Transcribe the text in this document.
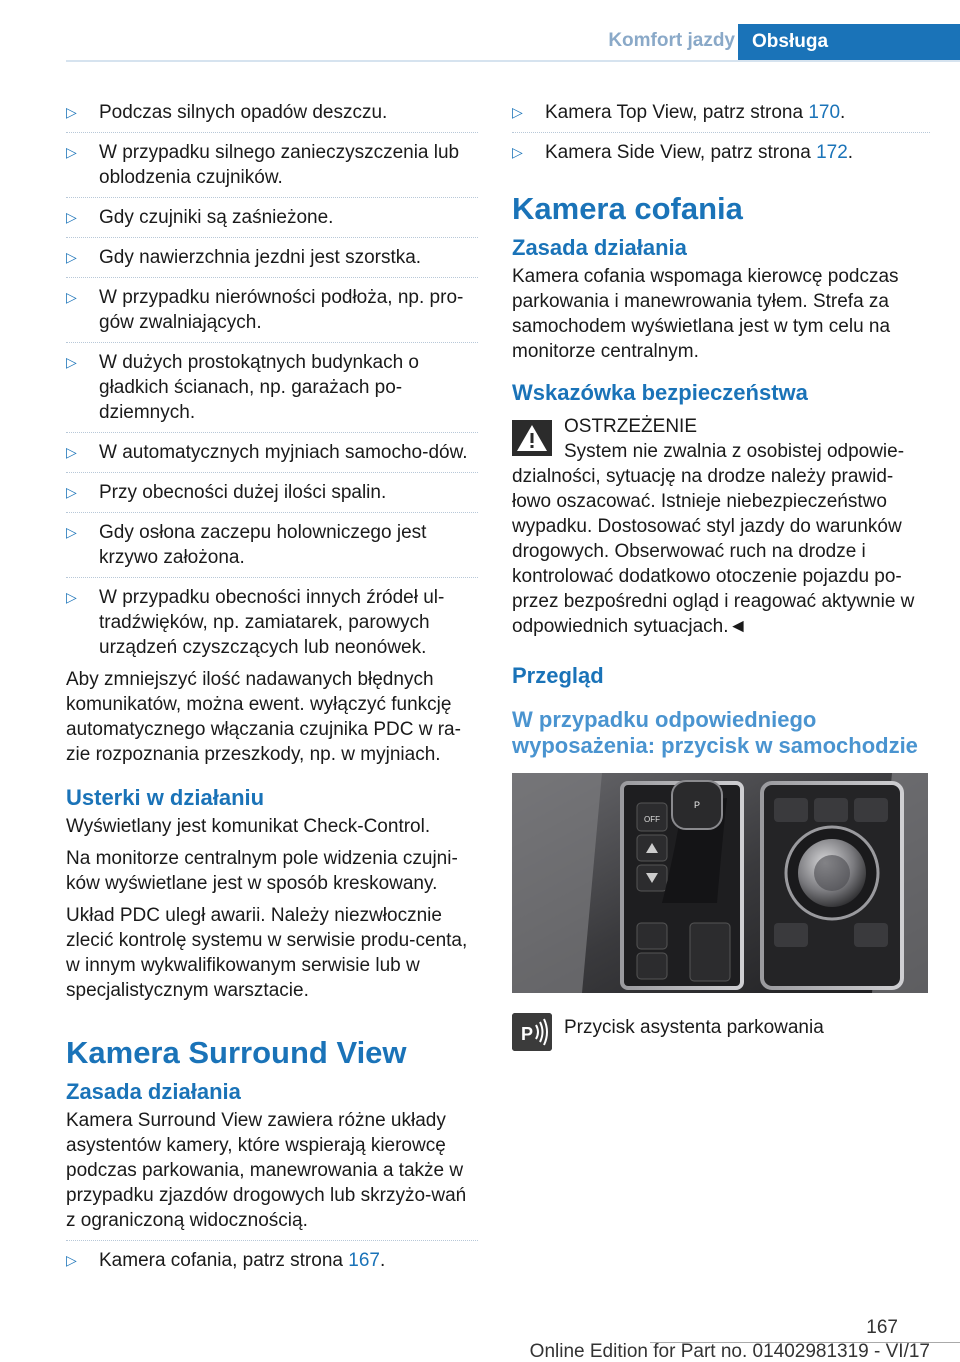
Komfort jazdy Obsługa
▷ Podczas silnych opadów deszczu.
▷ W przypadku silnego zanieczyszczenia lub oblodzenia czujników.
▷ Gdy czujniki są zaśnieżone.
▷ Gdy nawierzchnia jezdni jest szorstka.
▷ W przypadku nierówności podłoża, np. pro‐gów zwalniających.
▷ W dużych prostokątnych budynkach o gładkich ścianach, np. garażach po‐dziemnych.
▷ W automatycznych myjniach samocho‐dów.
▷ Przy obecności dużej ilości spalin.
▷ Gdy osłona zaczepu holowniczego jest krzywo założona.
▷ W przypadku obecności innych źródeł ul‐tradźwięków, np. zamiatarek, parowych urządzeń czyszczących lub neonówek.

Aby zmniejszyć ilość nadawanych błędnych komunikatów, można ewent. wyłączyć funkcję automatycznego włączania czujnika PDC w ra‐zie rozpoznania przeszkody, np. w myjniach.

Usterki w działaniu

Wyświetlany jest komunikat Check-Control.

Na monitorze centralnym pole widzenia czujni‐ków wyświetlane jest w sposób kreskowany.

Układ PDC uległ awarii. Należy niezwłocznie zlecić kontrolę systemu w serwisie produ‐centa, w innym wykwalifikowanym serwisie lub w specjalistycznym warsztacie.

Kamera Surround View
Zasada działania

Kamera Surround View zawiera różne układy asystentów kamery, które wspierają kierowcę podczas parkowania, manewrowania a także w przypadku zjazdów drogowych lub skrzyżo‐wań z ograniczoną widocznością.

▷ Kamera cofania, patrz strona 167.
▷ Kamera Top View, patrz strona 170.
▷ Kamera Side View, patrz strona 172.
Kamera cofania
Zasada działania

Kamera cofania wspomaga kierowcę podczas parkowania i manewrowania tyłem. Strefa za samochodem wyświetlana jest w tym celu na monitorze centralnym.

Wskazówka bezpieczeństwa
OSTRZEŻENIE
System nie zwalnia z osobistej odpowie‐dzialności, sytuację na drodze należy prawid‐łowo oszacować. Istnieje niebezpieczeństwo wypadku. Dostosować styl jazdy do warunków drogowych. Obserwować ruch na drodze i kontrolować dodatkowo otoczenie pojazdu po‐przez bezpośredni ogląd i reagować aktywnie w odpowiednich sytuacjach.◄
Przegląd
W przypadku odpowiedniego wyposażenia: przycisk w samochodzie
OFF
P
P Przycisk asystenta parkowania
167
Online Edition for Part no. 01402981319 - VI/17
